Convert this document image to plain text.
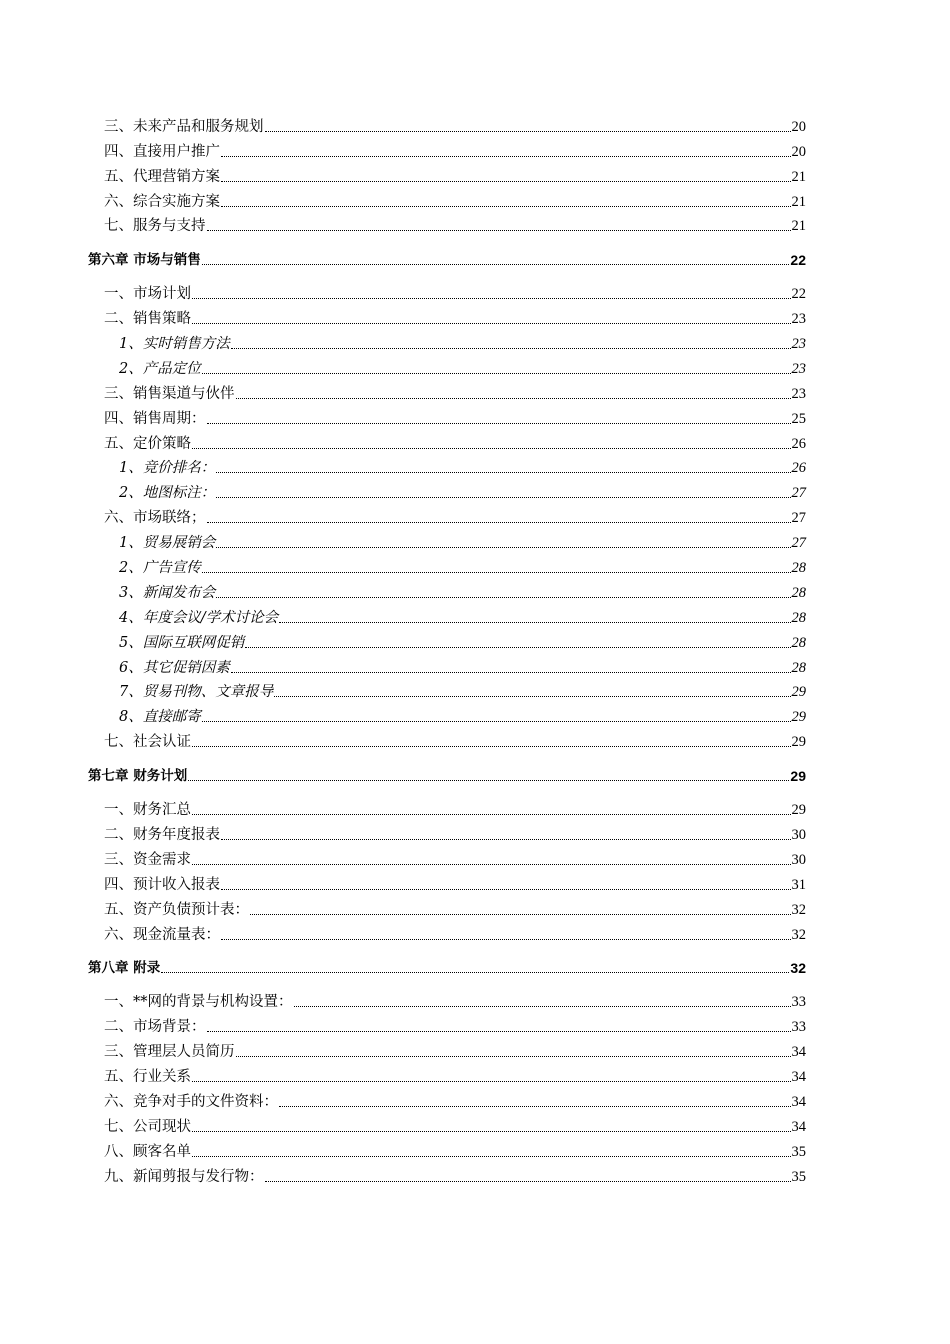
三、未来产品和服务规划	20
四、直接用户推广	20
五、代理营销方案	21
六、综合实施方案	21
七、服务与支持	21
第六章 市场与销售	22
一、市场计划	22
二、销售策略	23
1、实时销售方法	23
2、产品定位	23
三、销售渠道与伙伴	23
四、销售周期：	25
五、定价策略	26
1、竞价排名：	26
2、地图标注：	27
六、市场联络；	27
1、贸易展销会	27
2、广告宣传	28
3、新闻发布会	28
4、年度会议/学术讨论会	28
5、国际互联网促销	28
6、其它促销因素	28
7、贸易刊物、文章报导	29
8、直接邮寄	29
七、社会认证	29
第七章 财务计划	29
一、财务汇总	29
二、财务年度报表	30
三、资金需求	30
四、预计收入报表	31
五、资产负债预计表：	32
六、现金流量表：	32
第八章 附录	32
一、**网的背景与机构设置：	33
二、市场背景：	33
三、管理层人员简历	34
五、行业关系	34
六、竞争对手的文件资料：	34
七、公司现状	34
八、顾客名单	35
九、新闻剪报与发行物：	35
